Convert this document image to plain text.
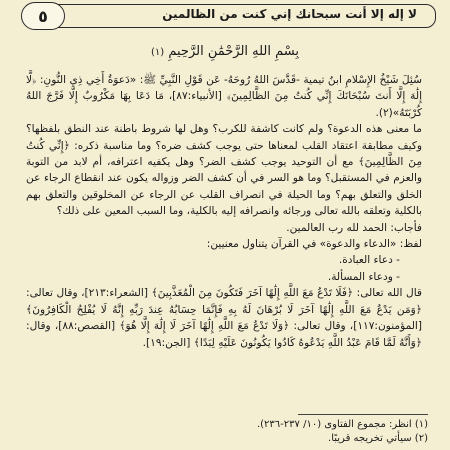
لا إله إلا أنت سبحانك إني كنت من الظالمين
٥
بِسْمِ اللهِ الرَّحْمَٰنِ الرَّحِيمِ (١)

سُئِلَ شَيْخُ الإِسْلامِ ابنُ تيمية -قَدَّسَ اللهُ رُوحَهُ- عَن قَوْلِ النَّبِيِّ ﷺ: «دَعوَةُ أَخِي ذِي النُّونِ: ﴿لَّا إِلَٰهَ إِلَّا أَنتَ سُبْحَانَكَ إِنِّي كُنتُ مِنَ الظَّالِمِينَ﴾ [الأنبياء:٨٧]، مَا دَعَا بِهَا مَكْرُوبٌ إِلَّا فَرَّجَ اللهُ كُرْبَتَهُ»(٢).

ما معنى هذه الدعوة؟ ولم كانت كاشفة للكرب؟ وهل لها شروط باطنة عند النطق بلفظها؟ وكيف مطابقة اعتقاد القلب لمعناها حتى يوجب كشف ضره؟ وما مناسبة ذكره: ﴿إِنِّي كُنتُ مِنَ الظَّالِمِينَ﴾ مع أن التوحيد يوجب كشف الضر؟ وهل يكفيه اعترافه، أم لابد من التوبة والعزم في المستقبل؟ وما هو السر في أن كشف الضر وزواله يكون عند انقطاع الرجاء عن الخلق والتعلق بهم؟ وما الحيلة في انصراف القلب عن الرجاء عن المخلوقين والتعلق بهم بالكلية وتعلقه بالله تعالى ورجائه وانصرافه إليه بالكلية، وما السبب المعين على ذلك؟

فأجاب: الحمد لله رب العالمين.

لفظ: «الدعاء والدعوة» في القرآن يتناول معنيين:

- دعاء العبادة.

- ودعاء المسألة.

قال الله تعالى: ﴿فَلَا تَدْعُ مَعَ اللَّهِ إِلَٰهًا آخَرَ فَتَكُونَ مِنَ الْمُعَذَّبِينَ﴾ [الشعراء:٢١٣]، وقال تعالى: ﴿وَمَن يَدْعُ مَعَ اللَّهِ إِلَٰهًا آخَرَ لَا بُرْهَانَ لَهُ بِهِ فَإِنَّمَا حِسَابُهُ عِندَ رَبِّهِ إِنَّهُ لَا يُفْلِحُ الْكَافِرُونَ﴾ [المؤمنون:١١٧]، وقال تعالى: ﴿وَلَا تَدْعُ مَعَ اللَّهِ إِلَٰهًا آخَرَ لَا إِلَٰهَ إِلَّا هُوَ﴾ [القصص:٨٨]، وقال: ﴿وَأَنَّهُ لَمَّا قَامَ عَبْدُ اللَّهِ يَدْعُوهُ كَادُوا يَكُونُونَ عَلَيْهِ لِبَدًا﴾ [الجن:١٩].

(١) انظر: مجموع الفتاوى (١٠/ ٢٣٧-٢٣٦).

(٢) سيأتي تخريجه قريبًا.
